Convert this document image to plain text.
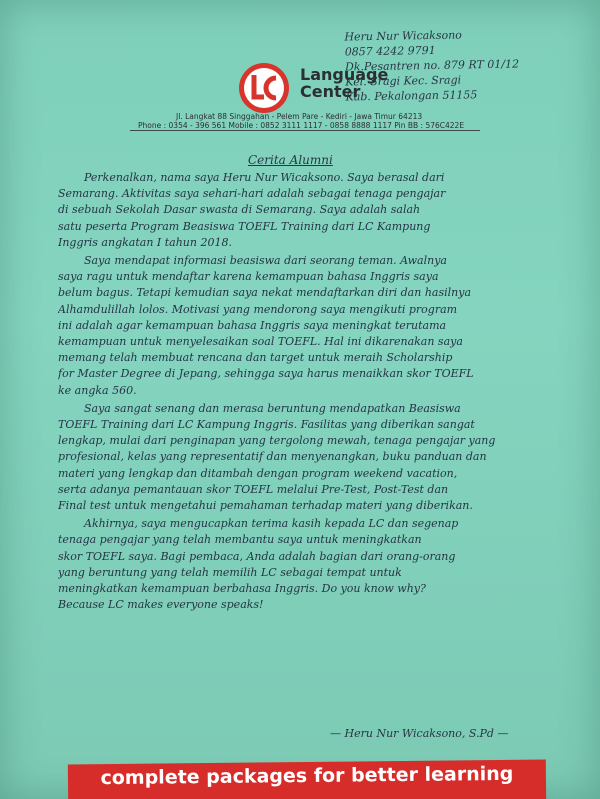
Heru Nur Wicaksono
0857 4242 9791
Dk.Pesantren no. 879 RT 01/12
Kel. Sragi Kec. Sragi
Kab. Pekalongan 51155
Language
Center
Jl. Langkat 88 Singgahan - Pelem Pare - Kediri - Jawa Timur 64213
Phone : 0354 - 396 561 Mobile : 0852 3111 1117 - 0858 8888 1117 Pin BB : 576C422E
Cerita Alumni
Perkenalkan, nama saya Heru Nur Wicaksono. Saya berasal dari
Semarang. Aktivitas saya sehari-hari adalah sebagai tenaga pengajar
di sebuah Sekolah Dasar swasta di Semarang. Saya adalah salah
satu peserta Program Beasiswa TOEFL Training dari LC Kampung
Inggris angkatan I tahun 2018.
Saya mendapat informasi beasiswa dari seorang teman. Awalnya
saya ragu untuk mendaftar karena kemampuan bahasa Inggris saya
belum bagus. Tetapi kemudian saya nekat mendaftarkan diri dan hasilnya
Alhamdulillah lolos. Motivasi yang mendorong saya mengikuti program
ini adalah agar kemampuan bahasa Inggris saya meningkat terutama
kemampuan untuk menyelesaikan soal TOEFL. Hal ini dikarenakan saya
memang telah membuat rencana dan target untuk meraih Scholarship
for Master Degree di Jepang, sehingga saya harus menaikkan skor TOEFL
ke angka 560.
Saya sangat senang dan merasa beruntung mendapatkan Beasiswa
TOEFL Training dari LC Kampung Inggris. Fasilitas yang diberikan sangat
lengkap, mulai dari penginapan yang tergolong mewah, tenaga pengajar yang
profesional, kelas yang representatif dan menyenangkan, buku panduan dan
materi yang lengkap dan ditambah dengan program weekend vacation,
serta adanya pemantauan skor TOEFL melalui Pre-Test, Post-Test dan
Final test untuk mengetahui pemahaman terhadap materi yang diberikan.
Akhirnya, saya mengucapkan terima kasih kepada LC dan segenap
tenaga pengajar yang telah membantu saya untuk meningkatkan
skor TOEFL saya. Bagi pembaca, Anda adalah bagian dari orang-orang
yang beruntung yang telah memilih LC sebagai tempat untuk
meningkatkan kemampuan berbahasa Inggris. Do you know why?
Because LC makes everyone speaks!
— Heru Nur Wicaksono, S.Pd —
complete packages for better learning
